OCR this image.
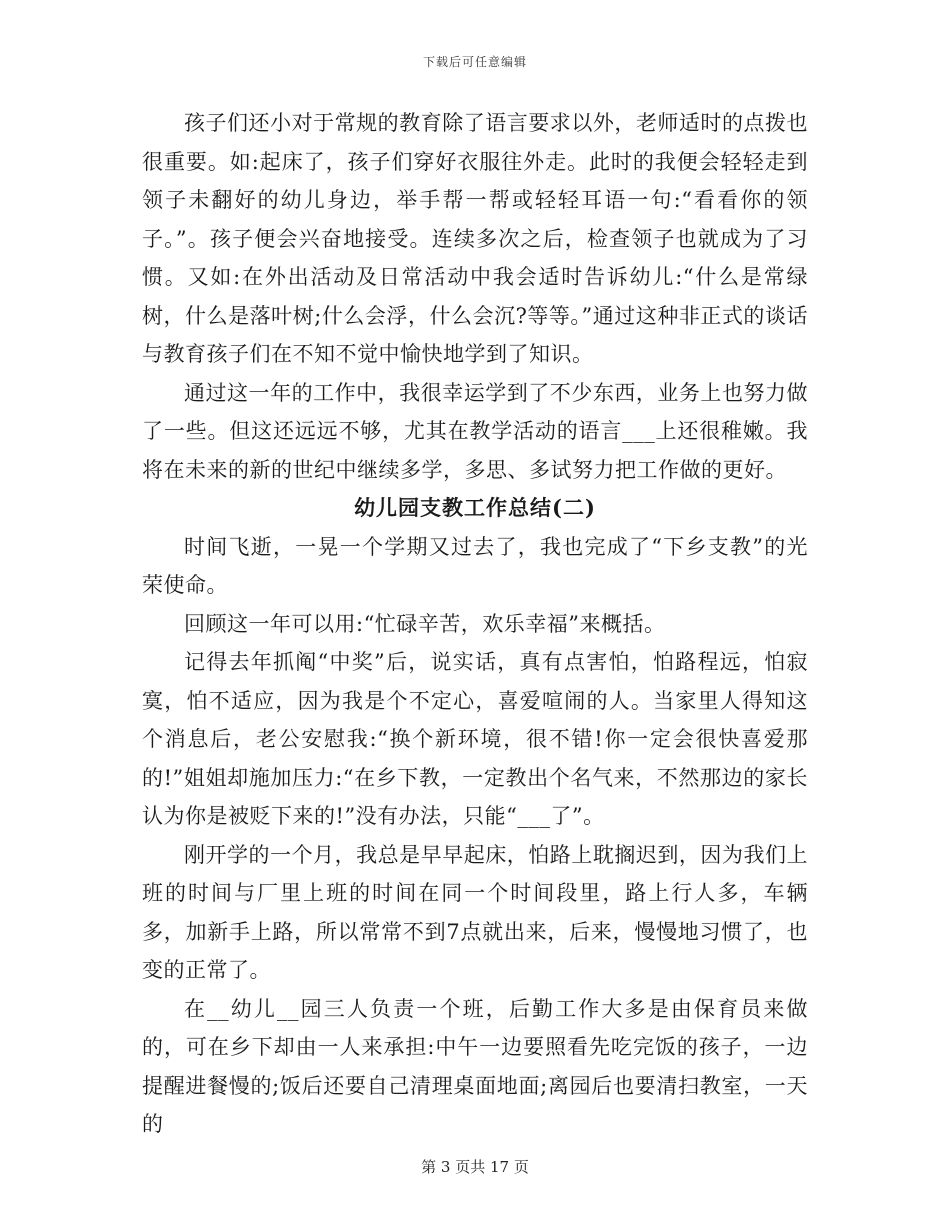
下载后可任意编辑

孩子们还小对于常规的教育除了语言要求以外，老师适时的点拨也很重要。如:起床了，孩子们穿好衣服往外走。此时的我便会轻轻走到领子未翻好的幼儿身边，举手帮一帮或轻轻耳语一句:“看看你的领子。”。孩子便会兴奋地接受。连续多次之后，检查领子也就成为了习惯。又如:在外出活动及日常活动中我会适时告诉幼儿:“什么是常绿树，什么是落叶树;什么会浮，什么会沉?等等。”通过这种非正式的谈话与教育孩子们在不知不觉中愉快地学到了知识。

通过这一年的工作中，我很幸运学到了不少东西，业务上也努力做了一些。但这还远远不够，尤其在教学活动的语言___上还很稚嫩。我将在未来的新的世纪中继续多学，多思、多试努力把工作做的更好。

幼儿园支教工作总结(二)

时间飞逝，一晃一个学期又过去了，我也完成了“下乡支教”的光荣使命。

回顾这一年可以用:“忙碌辛苦，欢乐幸福”来概括。

记得去年抓阄“中奖”后，说实话，真有点害怕，怕路程远，怕寂寞，怕不适应，因为我是个不定心，喜爱喧闹的人。当家里人得知这个消息后，老公安慰我:“换个新环境，很不错!你一定会很快喜爱那的!”姐姐却施加压力:“在乡下教，一定教出个名气来，不然那边的家长认为你是被贬下来的!”没有办法，只能“___了”。

刚开学的一个月，我总是早早起床，怕路上耽搁迟到，因为我们上班的时间与厂里上班的时间在同一个时间段里，路上行人多，车辆多，加新手上路，所以常常不到7点就出来，后来，慢慢地习惯了，也变的正常了。

在__幼儿__园三人负责一个班，后勤工作大多是由保育员来做的，可在乡下却由一人来承担:中午一边要照看先吃完饭的孩子，一边提醒进餐慢的;饭后还要自己清理桌面地面;离园后也要清扫教室，一天的

第 3 页共 17 页
